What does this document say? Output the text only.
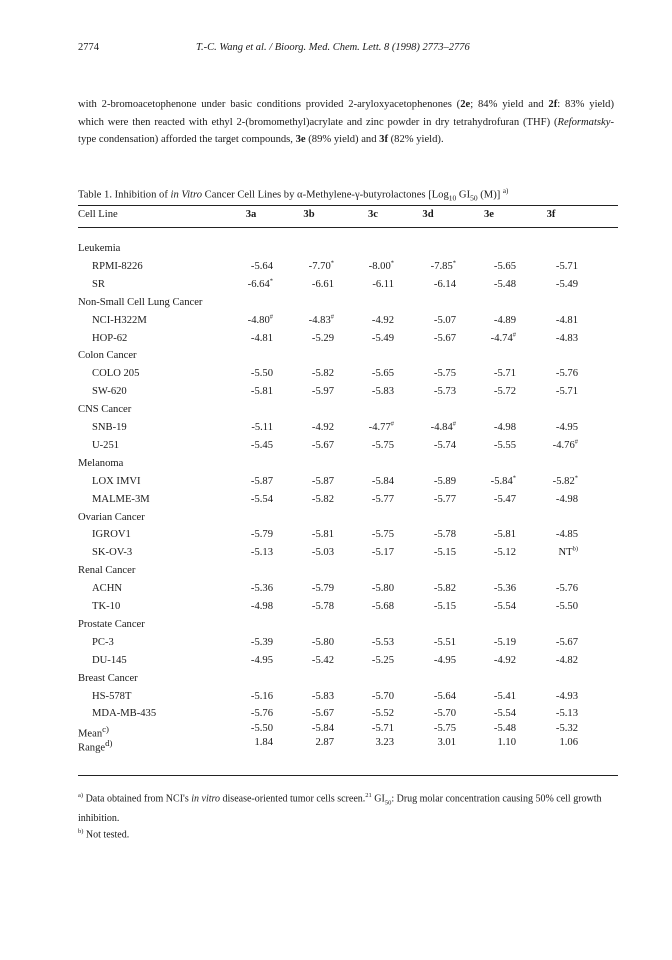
2774	T.-C. Wang et al. / Bioorg. Med. Chem. Lett. 8 (1998) 2773–2776
with 2-bromoacetophenone under basic conditions provided 2-aryloxyacetophenones (2e; 84% yield and 2f: 83% yield) which were then reacted with ethyl 2-(bromomethyl)acrylate and zinc powder in dry tetrahydrofuran (THF) (Reformatsky-type condensation) afforded the target compounds, 3e (89% yield) and 3f (82% yield).
Table 1. Inhibition of in Vitro Cancer Cell Lines by α-Methylene-γ-butyrolactones [Log$_{10}$ $GI_{50}$ (M)] $^{a)}$
Cell Line	3a	3b	3c	3d	3e	3f
Leukemia
RPMI-8226	-5.64	-7.70*	-8.00*	-7.85*	-5.65	-5.71
SR	-6.64*	-6.61	-6.11	-6.14	-5.48	-5.49
Non-Small Cell Lung Cancer
NCI-H322M	-4.80#	-4.83#	-4.92	-5.07	-4.89	-4.81
HOP-62	-4.81	-5.29	-5.49	-5.67	-4.74#	-4.83
Colon Cancer
COLO 205	-5.50	-5.82	-5.65	-5.75	-5.71	-5.76
SW-620	-5.81	-5.97	-5.83	-5.73	-5.72	-5.71
CNS Cancer
SNB-19	-5.11	-4.92	-4.77#	-4.84#	-4.98	-4.95
U-251	-5.45	-5.67	-5.75	-5.74	-5.55	-4.76#
Melanoma
LOX IMVI	-5.87	-5.87	-5.84	-5.89	-5.84*	-5.82*
MALME-3M	-5.54	-5.82	-5.77	-5.77	-5.47	-4.98
Ovarian Cancer
IGROV1	-5.79	-5.81	-5.75	-5.78	-5.81	-4.85
SK-OV-3	-5.13	-5.03	-5.17	-5.15	-5.12	NT$^{b)}$
Renal Cancer
ACHN	-5.36	-5.79	-5.80	-5.82	-5.36	-5.76
TK-10	-4.98	-5.78	-5.68	-5.15	-5.54	-5.50
Prostate Cancer
PC-3	-5.39	-5.80	-5.53	-5.51	-5.19	-5.67
DU-145	-4.95	-5.42	-5.25	-4.95	-4.92	-4.82
Breast Cancer
HS-578T	-5.16	-5.83	-5.70	-5.64	-5.41	-4.93
MDA-MB-435	-5.76	-5.67	-5.52	-5.70	-5.54	-5.13
Mean$^{c)}$	-5.50	-5.84	-5.71	-5.75	-5.48	-5.32
Range$^{d)}$	1.84	2.87	3.23	3.01	1.10	1.06
$^{a)}$ Data obtained from NCI's in vitro disease-oriented tumor cells screen.$^{21}$ $GI_{50}$: Drug molar concentration causing 50% cell growth inhibition.
$^{b)}$ Not tested.
